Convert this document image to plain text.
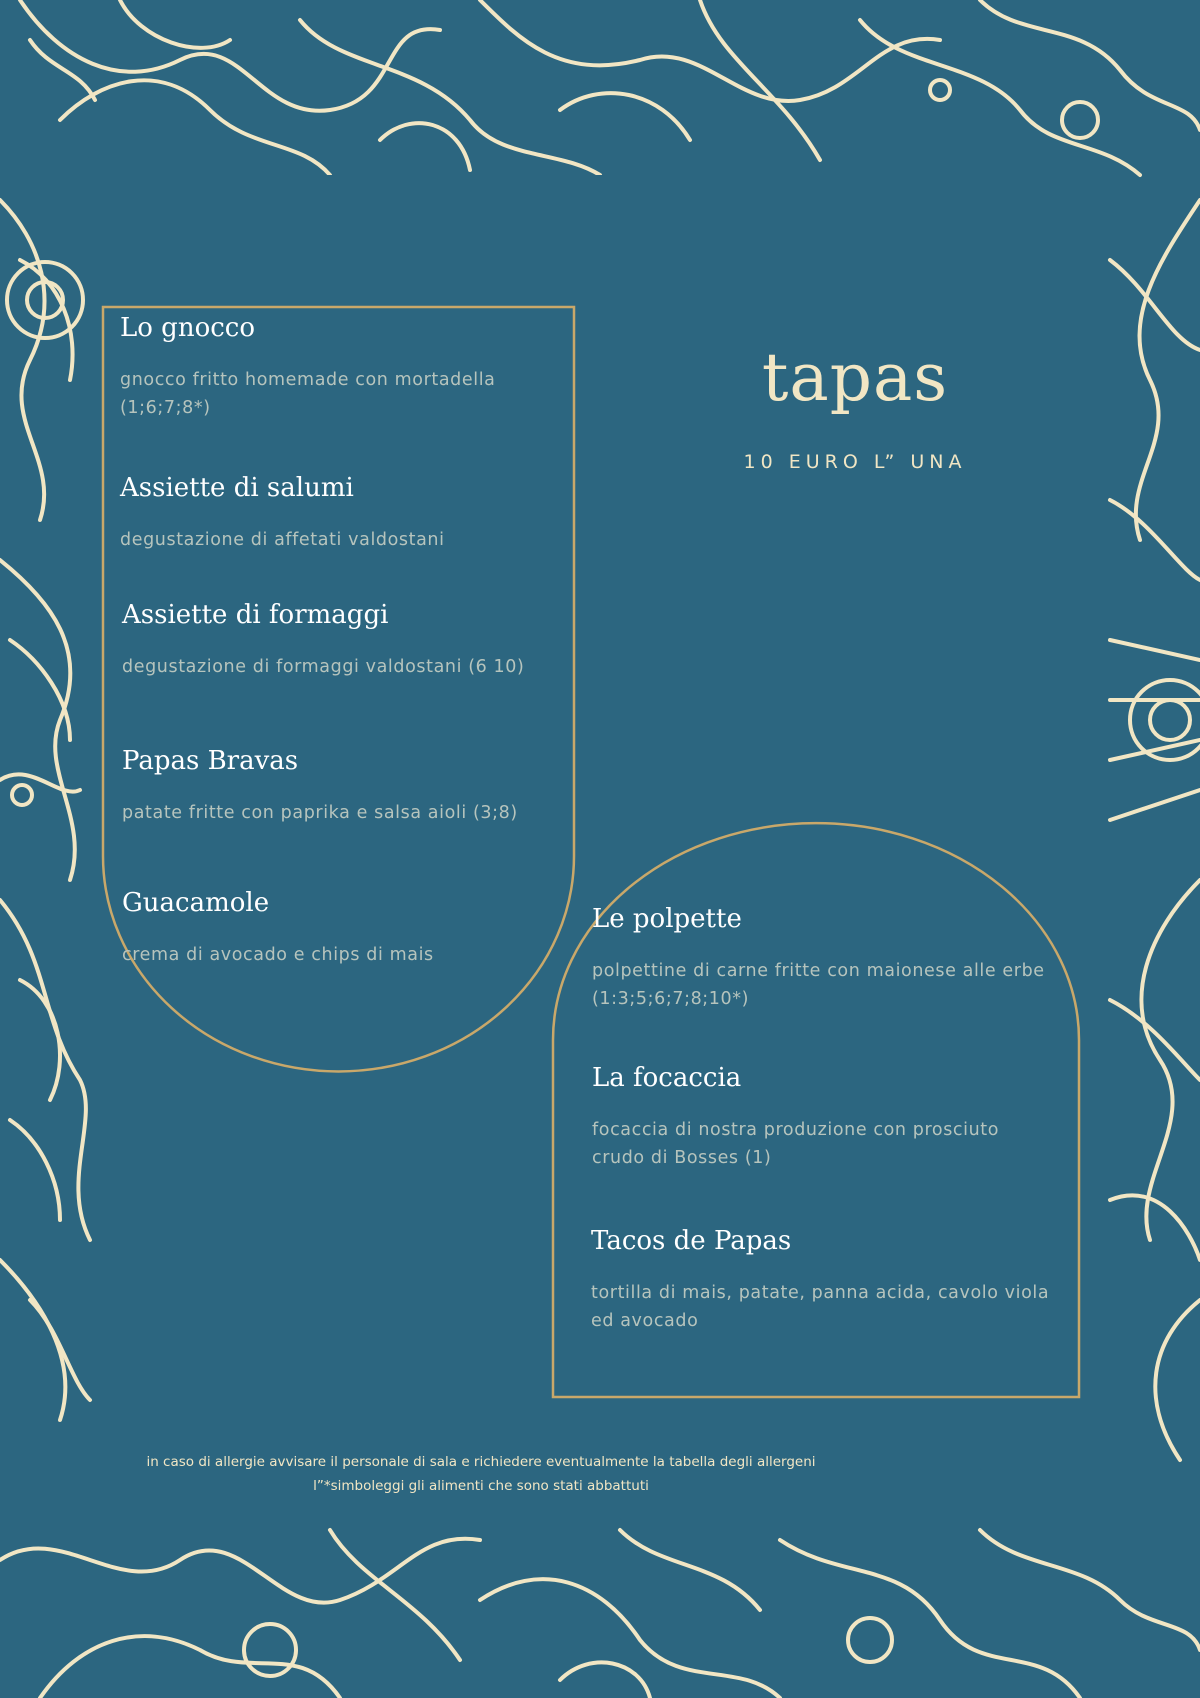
tapas
10 EURO L” UNA
Lo gnocco
gnocco fritto homemade con mortadella (1;6;7;8*)
Assiette di salumi
degustazione di affetati valdostani
Assiette di formaggi
degustazione di formaggi valdostani (6 10)
Papas Bravas
patate fritte con paprika e salsa aioli (3;8)
Guacamole
crema di avocado e chips di mais
Le polpette
polpettine di carne fritte con maionese alle erbe (1:3;5;6;7;8;10*)
La focaccia
focaccia di nostra produzione con prosciuto crudo di Bosses (1)
Tacos de Papas
tortilla di mais, patate, panna acida, cavolo viola ed avocado
in caso di allergie avvisare il personale di sala e richiedere eventualmente la tabella degli allergeni
l”*simboleggi gli alimenti che sono stati abbattuti
